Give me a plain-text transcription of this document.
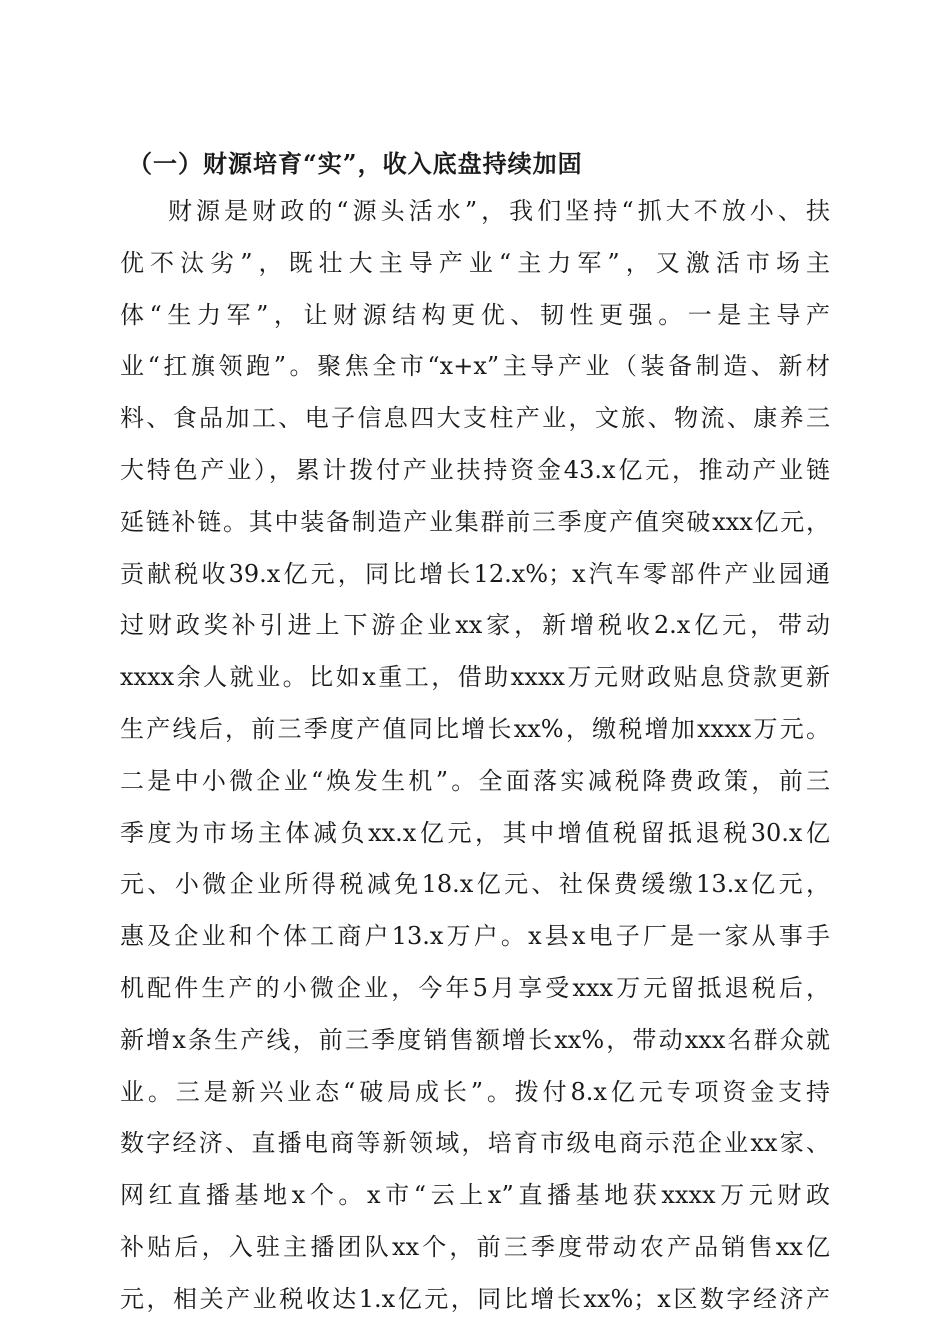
（一）财源培育“实”，收入底盘持续加固
财源是财政的“源头活水”，我们坚持“抓大不放小、扶
优不汰劣”，既壮大主导产业“主力军”，又激活市场主
体“生力军”，让财源结构更优、韧性更强。一是主导产
业“扛旗领跑”。聚焦全市“x+x”主导产业（装备制造、新材
料、食品加工、电子信息四大支柱产业，文旅、物流、康养三
大特色产业），累计拨付产业扶持资金43.x亿元，推动产业链
延链补链。其中装备制造产业集群前三季度产值突破xxx亿元，
贡献税收39.x亿元，同比增长12.x%；x汽车零部件产业园通
过财政奖补引进上下游企业xx家，新增税收2.x亿元，带动
xxxx余人就业。比如x重工，借助xxxx万元财政贴息贷款更新
生产线后，前三季度产值同比增长xx%，缴税增加xxxx万元。
二是中小微企业“焕发生机”。全面落实减税降费政策，前三
季度为市场主体减负xx.x亿元，其中增值税留抵退税30.x亿
元、小微企业所得税减免18.x亿元、社保费缓缴13.x亿元，
惠及企业和个体工商户13.x万户。x县x电子厂是一家从事手
机配件生产的小微企业，今年5月享受xxx万元留抵退税后，
新增x条生产线，前三季度销售额增长xx%，带动xxx名群众就
业。三是新兴业态“破局成长”。拨付8.x亿元专项资金支持
数字经济、直播电商等新领域，培育市级电商示范企业xx家、
网红直播基地x个。x市“云上x”直播基地获xxxx万元财政
补贴后，入驻主播团队xx个，前三季度带动农产品销售xx亿
元，相关产业税收达1.x亿元，同比增长xx%；x区数字经济产
